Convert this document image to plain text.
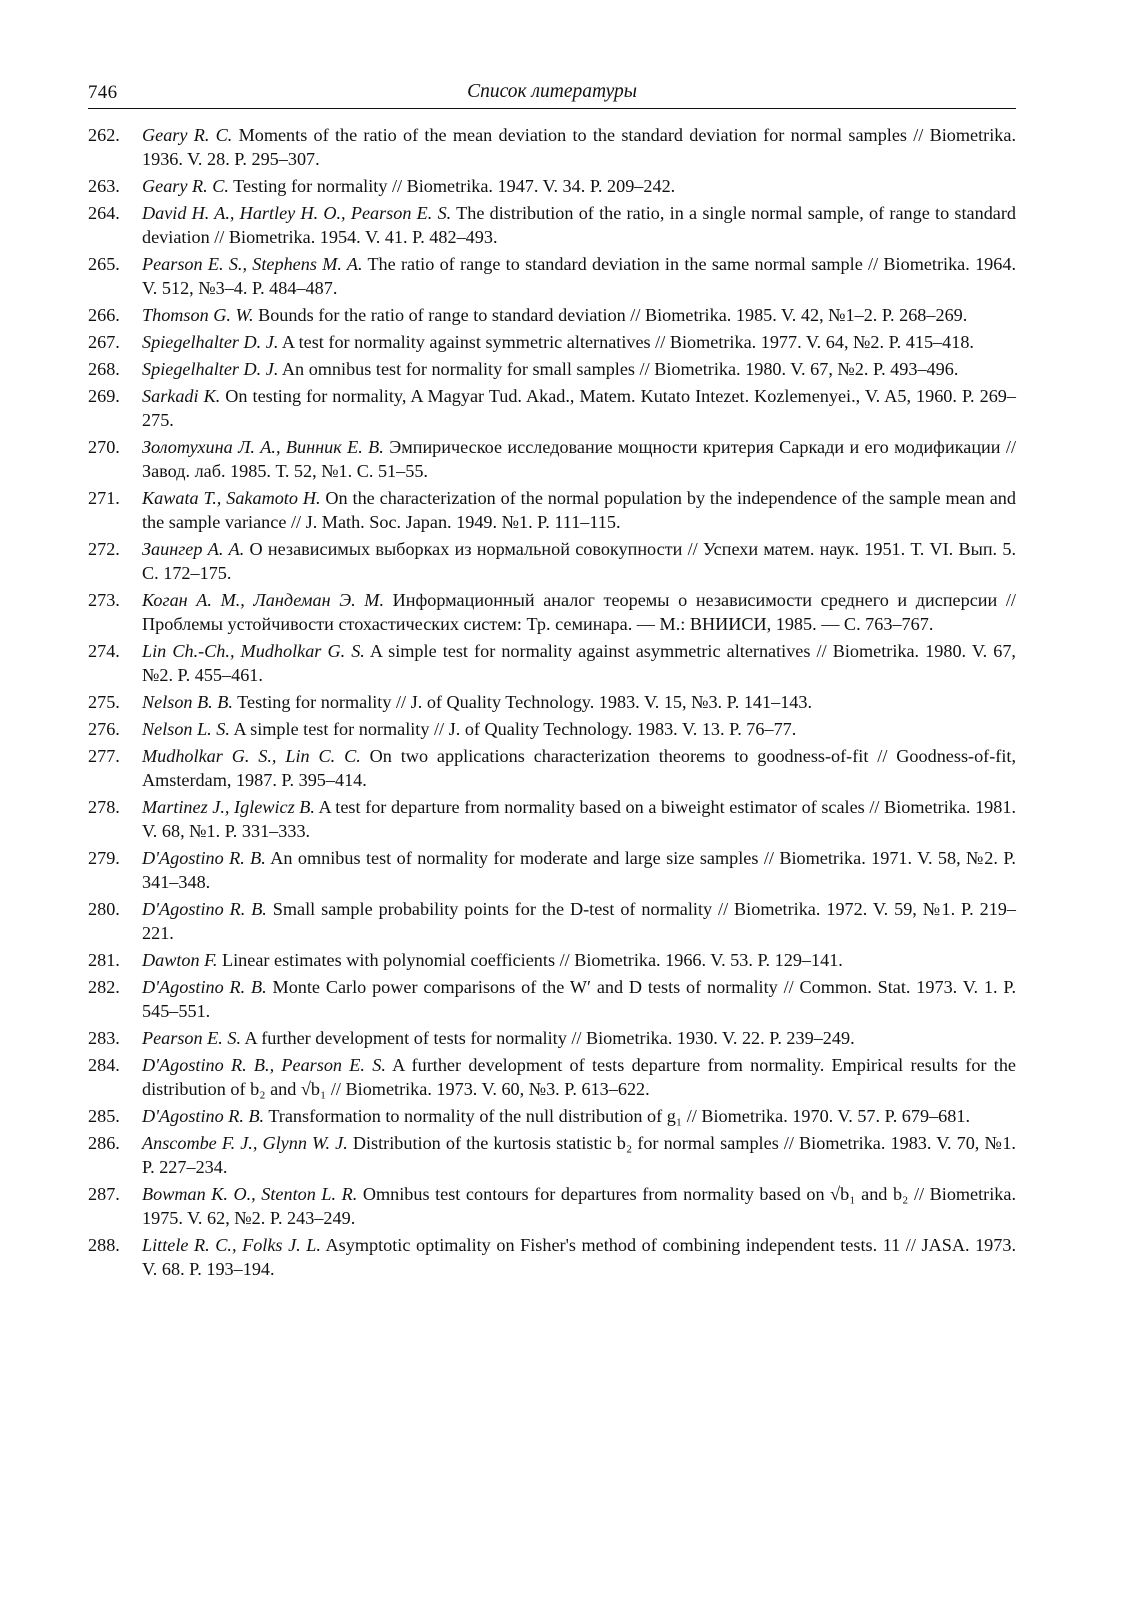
746	Список литературы
262. Geary R. C. Moments of the ratio of the mean deviation to the standard deviation for normal samples // Biometrika. 1936. V. 28. P. 295–307.
263. Geary R. C. Testing for normality // Biometrika. 1947. V. 34. P. 209–242.
264. David H. A., Hartley H. O., Pearson E. S. The distribution of the ratio, in a single normal sample, of range to standard deviation // Biometrika. 1954. V. 41. P. 482–493.
265. Pearson E. S., Stephens M. A. The ratio of range to standard deviation in the same normal sample // Biometrika. 1964. V. 512, №3–4. P. 484–487.
266. Thomson G. W. Bounds for the ratio of range to standard deviation // Biometrika. 1985. V. 42, №1–2. P. 268–269.
267. Spiegelhalter D. J. A test for normality against symmetric alternatives // Biometrika. 1977. V. 64, №2. P. 415–418.
268. Spiegelhalter D. J. An omnibus test for normality for small samples // Biometrika. 1980. V. 67, №2. P. 493–496.
269. Sarkadi K. On testing for normality, A Magyar Tud. Akad., Matem. Kutato Intezet. Kozlemenyei., V. A5, 1960. P. 269–275.
270. Золотухина Л. А., Винник Е. В. Эмпирическое исследование мощности критерия Саркади и его модификации // Завод. лаб. 1985. Т. 52, №1. С. 51–55.
271. Kawata T., Sakamoto H. On the characterization of the normal population by the independence of the sample mean and the sample variance // J. Math. Soc. Japan. 1949. №1. P. 111–115.
272. Заингер А. А. О независимых выборках из нормальной совокупности // Успехи матем. наук. 1951. Т. VI. Вып. 5. С. 172–175.
273. Коган А. М., Ландеман Э. М. Информационный аналог теоремы о независимости среднего и дисперсии // Проблемы устойчивости стохастических систем: Тр. семинара. — М.: ВНИИСИ, 1985. — С. 763–767.
274. Lin Ch.-Ch., Mudholkar G. S. A simple test for normality against asymmetric alternatives // Biometrika. 1980. V. 67, №2. P. 455–461.
275. Nelson B. B. Testing for normality // J. of Quality Technology. 1983. V. 15, №3. P. 141–143.
276. Nelson L. S. A simple test for normality // J. of Quality Technology. 1983. V. 13. P. 76–77.
277. Mudholkar G. S., Lin C. C. On two applications characterization theorems to goodness-of-fit // Goodness-of-fit, Amsterdam, 1987. P. 395–414.
278. Martinez J., Iglewicz B. A test for departure from normality based on a biweight estimator of scales // Biometrika. 1981. V. 68, №1. P. 331–333.
279. D'Agostino R. B. An omnibus test of normality for moderate and large size samples // Biometrika. 1971. V. 58, №2. P. 341–348.
280. D'Agostino R. B. Small sample probability points for the D-test of normality // Biometrika. 1972. V. 59, №1. P. 219–221.
281. Dawton F. Linear estimates with polynomial coefficients // Biometrika. 1966. V. 53. P. 129–141.
282. D'Agostino R. B. Monte Carlo power comparisons of the W′ and D tests of normality // Common. Stat. 1973. V. 1. P. 545–551.
283. Pearson E. S. A further development of tests for normality // Biometrika. 1930. V. 22. P. 239–249.
284. D'Agostino R. B., Pearson E. S. A further development of tests departure from normality. Empirical results for the distribution of b₂ and √b₁ // Biometrika. 1973. V. 60, №3. P. 613–622.
285. D'Agostino R. B. Transformation to normality of the null distribution of g₁ // Biometrika. 1970. V. 57. P. 679–681.
286. Anscombe F. J., Glynn W. J. Distribution of the kurtosis statistic b₂ for normal samples // Biometrika. 1983. V. 70, №1. P. 227–234.
287. Bowman K. O., Stenton L. R. Omnibus test contours for departures from normality based on √b₁ and b₂ // Biometrika. 1975. V. 62, №2. P. 243–249.
288. Littele R. C., Folks J. L. Asymptotic optimality on Fisher's method of combining independent tests. 11 // JASA. 1973. V. 68. P. 193–194.
